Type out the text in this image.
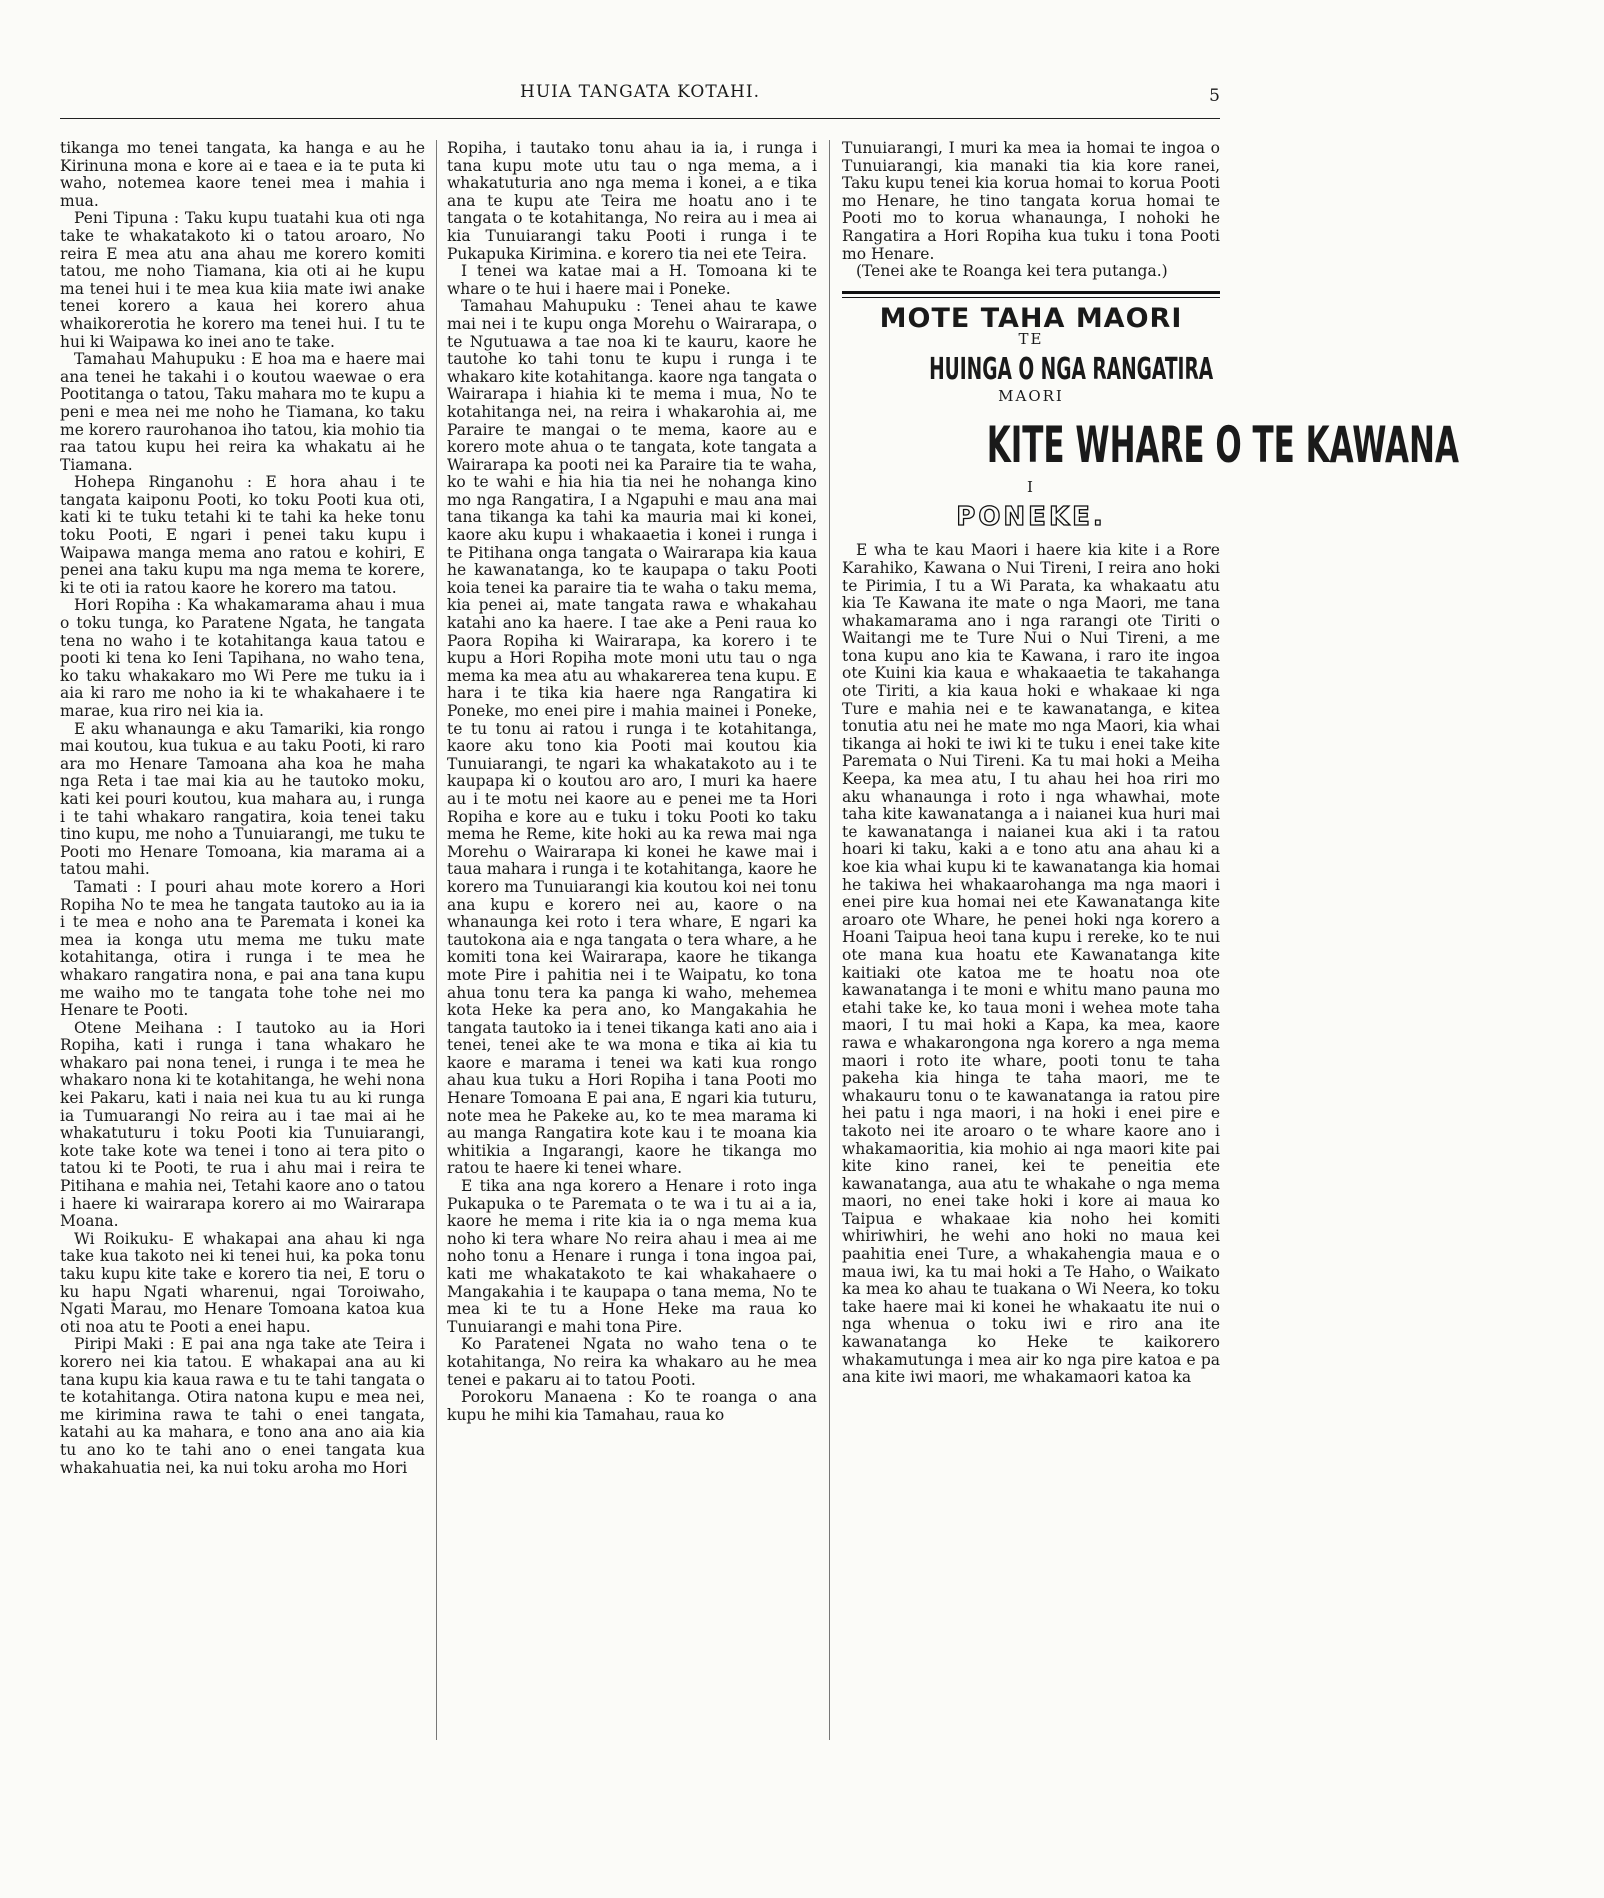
HUIA TANGATA KOTAHI.	5

tikanga mo tenei tangata, ka hanga e au he Kirinuna mona e kore ai e taea e ia te puta ki waho, notemea kaore tenei mea i mahia i mua.

Peni Tipuna : Taku kupu tuatahi kua oti nga take te whakatakoto ki o tatou aroaro, No reira E mea atu ana ahau me korero komiti tatou, me noho Tiamana, kia oti ai he kupu ma tenei hui i te mea kua kiia mate iwi anake tenei korero a kaua hei korero ahua whaikorerotia he korero ma tenei hui. I tu te hui ki Waipawa ko inei ano te take.

Tamahau Mahupuku : E hoa ma e haere mai ana tenei he takahi i o koutou waewae o era Pootitanga o tatou, Taku mahara mo te kupu a peni e mea nei me noho he Tiamana, ko taku me korero raurohanoa iho tatou, kia mohio tia raa tatou kupu hei reira ka whakatu ai he Tiamana.

Hohepa Ringanohu : E hora ahau i te tangata kaiponu Pooti, ko toku Pooti kua oti, kati ki te tuku tetahi ki te tahi ka heke tonu toku Pooti, E ngari i penei taku kupu i Waipawa manga mema ano ratou e kohiri, E penei ana taku kupu ma nga mema te korere, ki te oti ia ratou kaore he korero ma tatou.

Hori Ropiha : Ka whakamarama ahau i mua o toku tunga, ko Paratene Ngata, he tangata tena no waho i te kotahitanga kaua tatou e pooti ki tena ko Ieni Tapihana, no waho tena, ko taku whakakaro mo Wi Pere me tuku ia i aia ki raro me noho ia ki te whakahaere i te marae, kua riro nei kia ia.

E aku whanaunga e aku Tamariki, kia rongo mai koutou, kua tukua e au taku Pooti, ki raro ara mo Henare Tamoana aha koa he maha nga Reta i tae mai kia au he tautoko moku, kati kei pouri koutou, kua mahara au, i runga i te tahi whakaro rangatira, koia tenei taku tino kupu, me noho a Tunuiarangi, me tuku te Pooti mo Henare Tomoana, kia marama ai a tatou mahi.

Tamati : I pouri ahau mote korero a Hori Ropiha No te mea he tangata tautoko au ia ia i te mea e noho ana te Paremata i konei ka mea ia konga utu mema me tuku mate kotahitanga, otira i runga i te mea he whakaro rangatira nona, e pai ana tana kupu me waiho mo te tangata tohe tohe nei mo Henare te Pooti.

Otene Meihana : I tautoko au ia Hori Ropiha, kati i runga i tana whakaro he whakaro pai nona tenei, i runga i te mea he whakaro nona ki te kotahitanga, he wehi nona kei Pakaru, kati i naia nei kua tu au ki runga ia Tumuarangi No reira au i tae mai ai he whakatuturu i toku Pooti kia Tunuiarangi, kote take kote wa tenei i tono ai tera pito o tatou ki te Pooti, te rua i ahu mai i reira te Pitihana e mahia nei, Tetahi kaore ano o tatou i haere ki wairarapa korero ai mo Wairarapa Moana.

Wi Roikuku- E whakapai ana ahau ki nga take kua takoto nei ki tenei hui, ka poka tonu taku kupu kite take e korero tia nei, E toru o ku hapu Ngati wharenui, ngai Toroiwaho, Ngati Marau, mo Henare Tomoana katoa kua oti noa atu te Pooti a enei hapu.

Piripi Maki : E pai ana nga take ate Teira i korero nei kia tatou. E whakapai ana au ki tana kupu kia kaua rawa e tu te tahi tangata o te kotahitanga. Otira natona kupu e mea nei, me kirimina rawa te tahi o enei tangata, katahi au ka mahara, e tono ana ano aia kia tu ano ko te tahi ano o enei tangata kua whakahuatia nei, ka nui toku aroha mo Hori

Ropiha, i tautako tonu ahau ia ia, i runga i tana kupu mote utu tau o nga mema, a i whakatuturia ano nga mema i konei, a e tika ana te kupu ate Teira me hoatu ano i te tangata o te kotahitanga, No reira au i mea ai kia Tunuiarangi taku Pooti i runga i te Pukapuka Kirimina. e korero tia nei ete Teira.

I tenei wa katae mai a H. Tomoana ki te whare o te hui i haere mai i Poneke.

Tamahau Mahupuku : Tenei ahau te kawe mai nei i te kupu onga Morehu o Wairarapa, o te Ngutuawa a tae noa ki te kauru, kaore he tautohe ko tahi tonu te kupu i runga i te whakaro kite kotahitanga. kaore nga tangata o Wairarapa i hiahia ki te mema i mua, No te kotahitanga nei, na reira i whakarohia ai, me Paraire te mangai o te mema, kaore au e korero mote ahua o te tangata, kote tangata a Wairarapa ka pooti nei ka Paraire tia te waha, ko te wahi e hia hia tia nei he nohanga kino mo nga Rangatira, I a Ngapuhi e mau ana mai tana tikanga ka tahi ka mauria mai ki konei, kaore aku kupu i whakaaetia i konei i runga i te Pitihana onga tangata o Wairarapa kia kaua he kawanatanga, ko te kaupapa o taku Pooti koia tenei ka paraire tia te waha o taku mema, kia penei ai, mate tangata rawa e whakahau katahi ano ka haere. I tae ake a Peni raua ko Paora Ropiha ki Wairarapa, ka korero i te kupu a Hori Ropiha mote moni utu tau o nga mema ka mea atu au whakarerea tena kupu. E hara i te tika kia haere nga Rangatira ki Poneke, mo enei pire i mahia mainei i Poneke, te tu tonu ai ratou i runga i te kotahitanga, kaore aku tono kia Pooti mai koutou kia Tunuiarangi, te ngari ka whakatakoto au i te kaupapa ki o koutou aro aro, I muri ka haere au i te motu nei kaore au e penei me ta Hori Ropiha e kore au e tuku i toku Pooti ko taku mema he Reme, kite hoki au ka rewa mai nga Morehu o Wairarapa ki konei he kawe mai i taua mahara i runga i te kotahitanga, kaore he korero ma Tunuiarangi kia koutou koi nei tonu ana kupu e korero nei au, kaore o na whanaunga kei roto i tera whare, E ngari ka tautokona aia e nga tangata o tera whare, a he komiti tona kei Wairarapa, kaore he tikanga mote Pire i pahitia nei i te Waipatu, ko tona ahua tonu tera ka panga ki waho, mehemea kota Heke ka pera ano, ko Mangakahia he tangata tautoko ia i tenei tikanga kati ano aia i tenei, tenei ake te wa mona e tika ai kia tu kaore e marama i tenei wa kati kua rongo ahau kua tuku a Hori Ropiha i tana Pooti mo Henare Tomoana E pai ana, E ngari kia tuturu, note mea he Pakeke au, ko te mea marama ki au manga Rangatira kote kau i te moana kia whitikia a Ingarangi, kaore he tikanga mo ratou te haere ki tenei whare.

E tika ana nga korero a Henare i roto inga Pukapuka o te Paremata o te wa i tu ai a ia, kaore he mema i rite kia ia o nga mema kua noho ki tera whare No reira ahau i mea ai me noho tonu a Henare i runga i tona ingoa pai, kati me whakatakoto te kai whakahaere o Mangakahia i te kaupapa o tana mema, No te mea ki te tu a Hone Heke ma raua ko Tunuiarangi e mahi tona Pire.

Ko Paratenei Ngata no waho tena o te kotahitanga, No reira ka whakaro au he mea tenei e pakaru ai to tatou Pooti.

Porokoru Manaena : Ko te roanga o ana kupu he mihi kia Tamahau, raua ko

Tunuiarangi, I muri ka mea ia homai te ingoa o Tunuiarangi, kia manaki tia kia kore ranei, Taku kupu tenei kia korua homai to korua Pooti mo Henare, he tino tangata korua homai te Pooti mo to korua whanaunga, I nohoki he Rangatira a Hori Ropiha kua tuku i tona Pooti mo Henare.

(Tenei ake te Roanga kei tera putanga.)

MOTE TAHA MAORI
TE
HUINGA O NGA RANGATIRA
MAORI
KITE WHARE O TE KAWANA
I
PONEKE.

E wha te kau Maori i haere kia kite i a Rore Karahiko, Kawana o Nui Tireni, I reira ano hoki te Pirimia, I tu a Wi Parata, ka whakaatu atu kia Te Kawana ite mate o nga Maori, me tana whakamarama ano i nga rarangi ote Tiriti o Waitangi me te Ture Nui o Nui Tireni, a me tona kupu ano kia te Kawana, i raro ite ingoa ote Kuini kia kaua e whakaaetia te takahanga ote Tiriti, a kia kaua hoki e whakaae ki nga Ture e mahia nei e te kawanatanga, e kitea tonutia atu nei he mate mo nga Maori, kia whai tikanga ai hoki te iwi ki te tuku i enei take kite Paremata o Nui Tireni. Ka tu mai hoki a Meiha Keepa, ka mea atu, I tu ahau hei hoa riri mo aku whanaunga i roto i nga whawhai, mote taha kite kawanatanga a i naianei kua huri mai te kawanatanga i naianei kua aki i ta ratou hoari ki taku, kaki a e tono atu ana ahau ki a koe kia whai kupu ki te kawanatanga kia homai he takiwa hei whakaarohanga ma nga maori i enei pire kua homai nei ete Kawanatanga kite aroaro ote Whare, he penei hoki nga korero a Hoani Taipua heoi tana kupu i rereke, ko te nui ote mana kua hoatu ete Kawanatanga kite kaitiaki ote katoa me te hoatu noa ote kawanatanga i te moni e whitu mano pauna mo etahi take ke, ko taua moni i wehea mote taha maori, I tu mai hoki a Kapa, ka mea, kaore rawa e whakarongona nga korero a nga mema maori i roto ite whare, pooti tonu te taha pakeha kia hinga te taha maori, me te whakauru tonu o te kawanatanga ia ratou pire hei patu i nga maori, i na hoki i enei pire e takoto nei ite aroaro o te whare kaore ano i whakamaoritia, kia mohio ai nga maori kite pai kite kino ranei, kei te peneitia ete kawanatanga, aua atu te whakahe o nga mema maori, no enei take hoki i kore ai maua ko Taipua e whakaae kia noho hei komiti whiriwhiri, he wehi ano hoki no maua kei paahitia enei Ture, a whakahengia maua e o maua iwi, ka tu mai hoki a Te Haho, o Waikato ka mea ko ahau te tuakana o Wi Neera, ko toku take haere mai ki konei he whakaatu ite nui o nga whenua o toku iwi e riro ana ite kawanatanga ko Heke te kaikorero whakamutunga i mea air ko nga pire katoa e pa ana kite iwi maori, me whakamaori katoa ka
